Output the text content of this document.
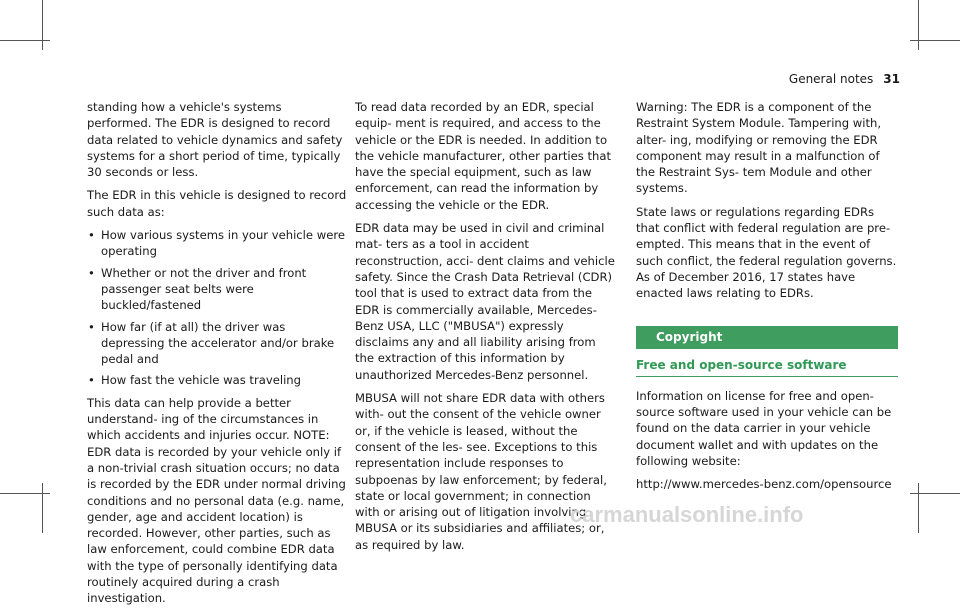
General notes 31

standing how a vehicle's systems performed. The EDR is designed to record data related to vehicle dynamics and safety systems for a short period of time, typically 30 seconds or less.

The EDR in this vehicle is designed to record such data as:

• How various systems in your vehicle were operating
• Whether or not the driver and front passenger seat belts were buckled/fastened
• How far (if at all) the driver was depressing the accelerator and/or brake pedal and
• How fast the vehicle was traveling

This data can help provide a better understand- ing of the circumstances in which accidents and injuries occur. NOTE: EDR data is recorded by your vehicle only if a non-trivial crash situation occurs; no data is recorded by the EDR under normal driving conditions and no personal data (e.g. name, gender, age and accident location) is recorded. However, other parties, such as law enforcement, could combine EDR data with the type of personally identifying data routinely acquired during a crash investigation.

To read data recorded by an EDR, special equip- ment is required, and access to the vehicle or the EDR is needed. In addition to the vehicle manufacturer, other parties that have the special equipment, such as law enforcement, can read the information by accessing the vehicle or the EDR.

EDR data may be used in civil and criminal mat- ters as a tool in accident reconstruction, acci- dent claims and vehicle safety. Since the Crash Data Retrieval (CDR) tool that is used to extract data from the EDR is commercially available, Mercedes-Benz USA, LLC ("MBUSA") expressly disclaims any and all liability arising from the extraction of this information by unauthorized Mercedes-Benz personnel.

MBUSA will not share EDR data with others with- out the consent of the vehicle owner or, if the vehicle is leased, without the consent of the les- see. Exceptions to this representation include responses to subpoenas by law enforcement; by federal, state or local government; in connection with or arising out of litigation involving MBUSA or its subsidiaries and affiliates; or, as required by law.

Warning: The EDR is a component of the Restraint System Module. Tampering with, alter- ing, modifying or removing the EDR component may result in a malfunction of the Restraint Sys- tem Module and other systems.

State laws or regulations regarding EDRs that conflict with federal regulation are pre-empted. This means that in the event of such conflict, the federal regulation governs. As of December 2016, 17 states have enacted laws relating to EDRs.

Copyright
Free and open-source software

Information on license for free and open-source software used in your vehicle can be found on the data carrier in your vehicle document wallet and with updates on the following website:

http://www.mercedes-benz.com/opensource

carmanualsonline.info
